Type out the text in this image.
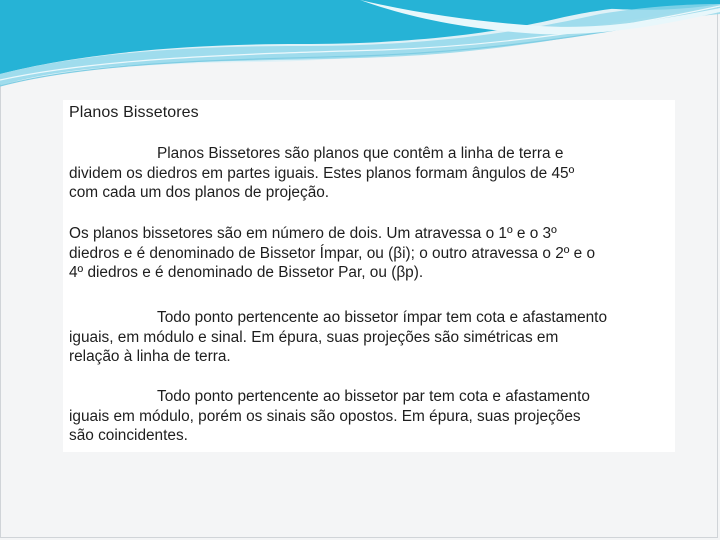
Planos Bissetores
Planos Bissetores são planos que contêm a linha de terra e
dividem os diedros em partes iguais. Estes planos formam ângulos de 45º
com cada um dos planos de projeção.
Os planos bissetores são em número de dois. Um atravessa o 1º e o 3º
diedros e é denominado de Bissetor Ímpar, ou (βi); o outro atravessa o 2º e o
4º diedros e é denominado de Bissetor Par, ou (βp).
Todo ponto pertencente ao bissetor ímpar tem cota e afastamento
iguais, em módulo e sinal. Em épura, suas projeções são simétricas em
relação à linha de terra.
Todo ponto pertencente ao bissetor par tem cota e afastamento
iguais em módulo, porém os sinais são opostos. Em épura, suas projeções
são coincidentes.
